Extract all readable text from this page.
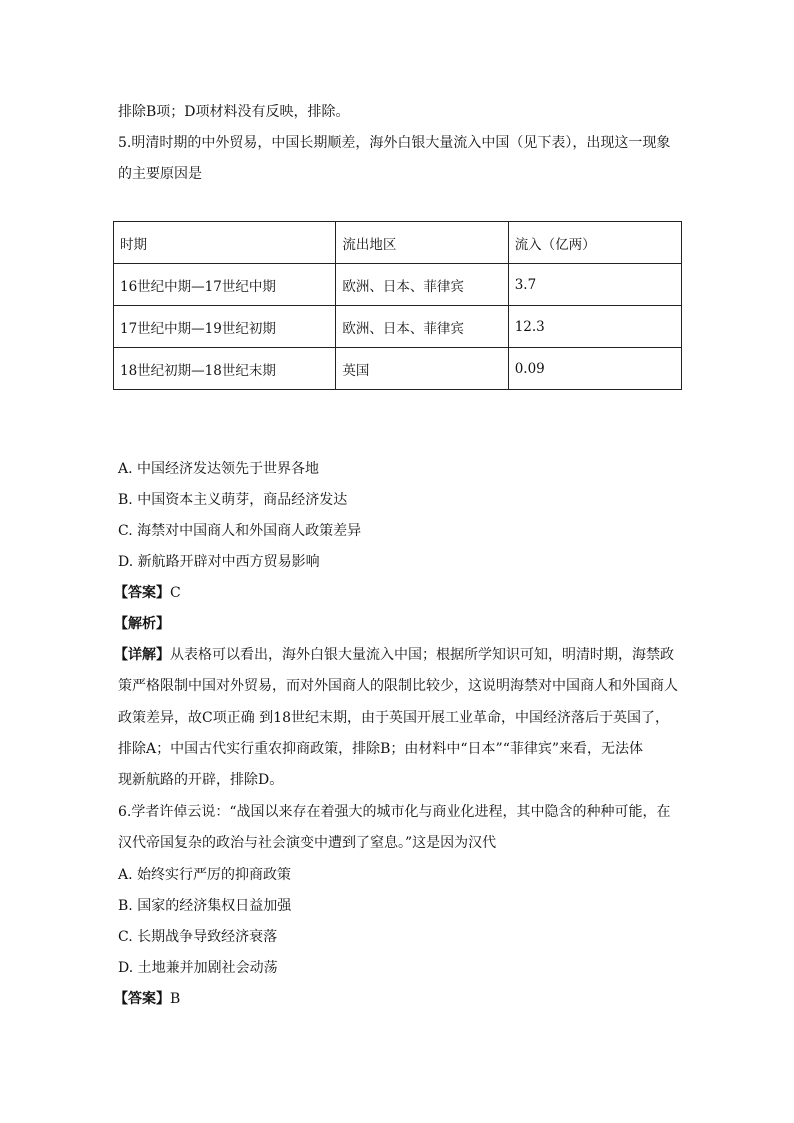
排除B项；D项材料没有反映，排除。
5.明清时期的中外贸易，中国长期顺差，海外白银大量流入中国（见下表），出现这一现象
的主要原因是
时期	流出地区	流入（亿两）
16世纪中期—17世纪中期	欧洲、日本、菲律宾	3.7
17世纪中期—19世纪初期	欧洲、日本、菲律宾	12.3
18世纪初期—18世纪末期	英国	0.09
A. 中国经济发达领先于世界各地
B. 中国资本主义萌芽，商品经济发达
C. 海禁对中国商人和外国商人政策差异
D. 新航路开辟对中西方贸易影响
【答案】C
【解析】
【详解】从表格可以看出，海外白银大量流入中国；根据所学知识可知，明清时期，海禁政
策严格限制中国对外贸易，而对外国商人的限制比较少，这说明海禁对中国商人和外国商人
政策差异，故C项正确 到18世纪末期，由于英国开展工业革命，中国经济落后于英国了，
排除A；中国古代实行重农抑商政策，排除B；由材料中“日本”“菲律宾”来看，无法体
现新航路的开辟，排除D。
6.学者许倬云说：“战国以来存在着强大的城市化与商业化进程，其中隐含的种种可能，在
汉代帝国复杂的政治与社会演变中遭到了窒息。”这是因为汉代
A. 始终实行严厉的抑商政策
B. 国家的经济集权日益加强
C. 长期战争导致经济衰落
D. 土地兼并加剧社会动荡
【答案】B
